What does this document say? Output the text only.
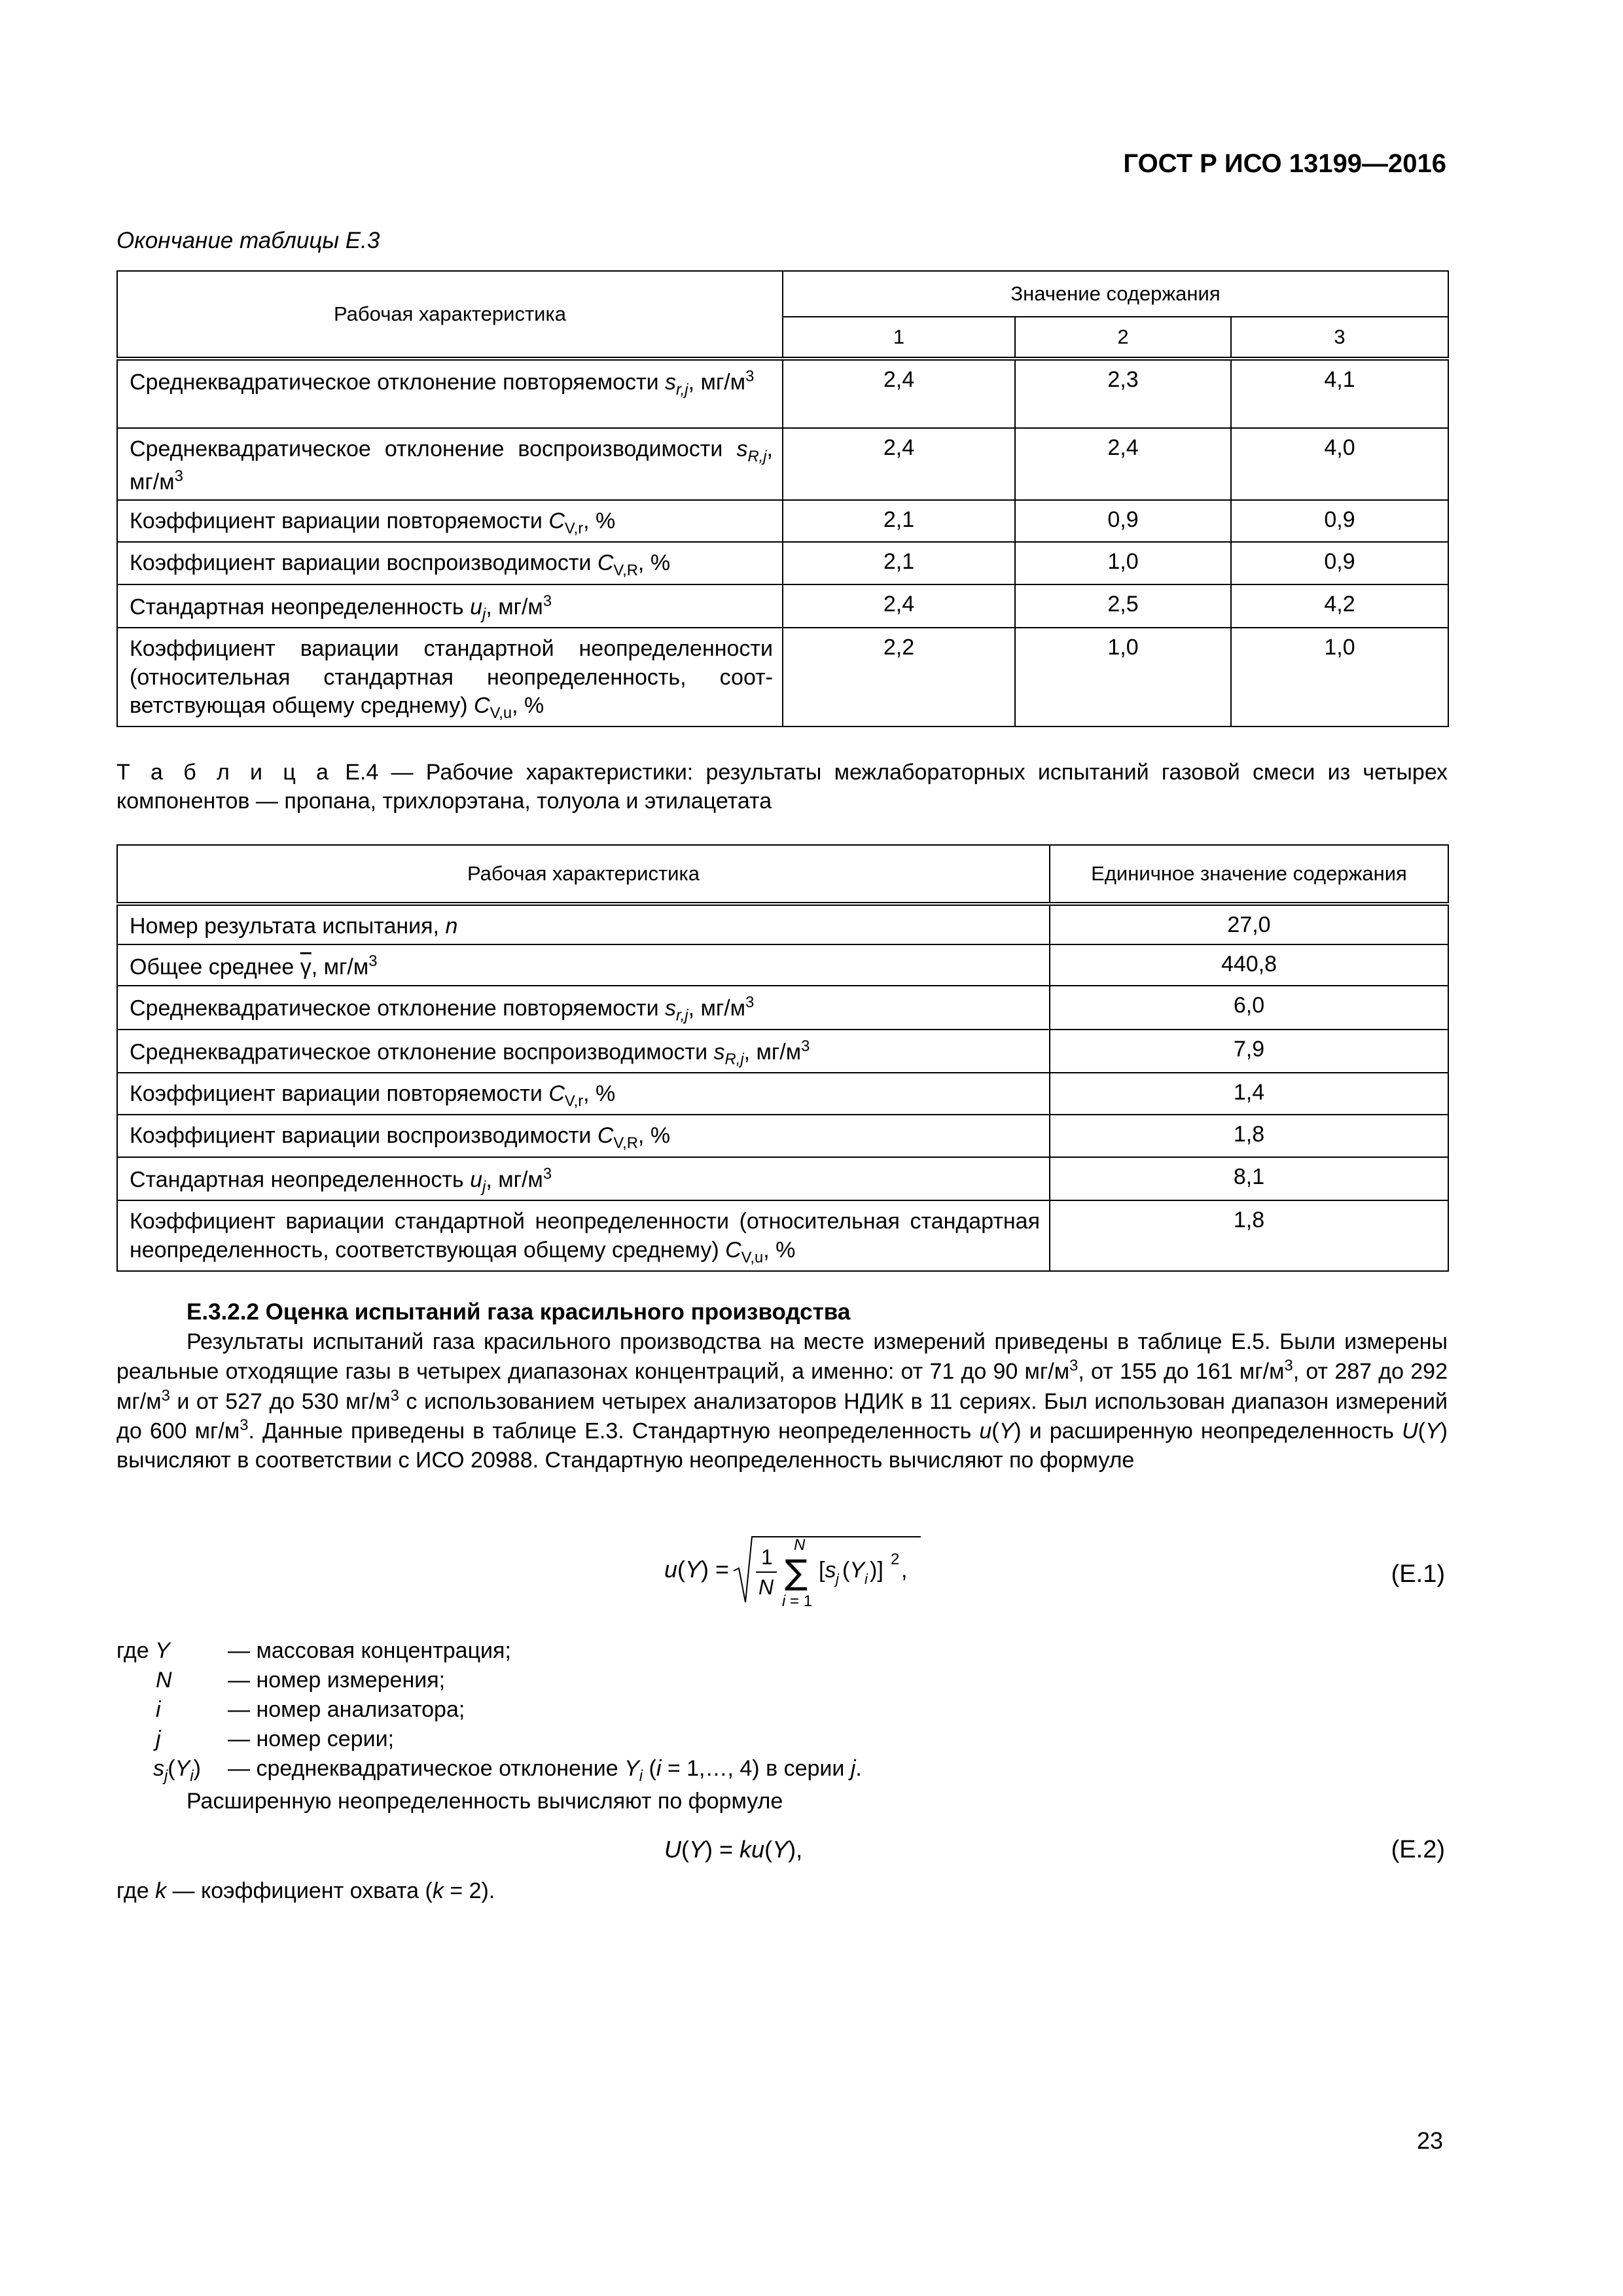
ГОСТ Р ИСО 13199—2016
Окончание таблицы Е.3
Рабочая характеристика	Значение содержания		
	1	2	3
Среднеквадратическое отклонение повторяемости $s_{r,j}$, $мг/м^3$	2,4	2,3	4,1
Среднеквадратическое отклонение воспроизводимости $s_{R,j}$, $мг/м^3$	2,4	2,4	4,0
Коэффициент вариации повторяемости $C_{V,r}$, %	2,1	0,9	0,9
Коэффициент вариации воспроизводимости $C_{V,R}$, %	2,1	1,0	0,9
Стандартная неопределенность $u_j$, $мг/м^3$	2,4	2,5	4,2
Коэффициент вариации стандартной неопределенности (относительная стандартная неопределенность, соответствующая общему среднему) $C_{V,u}$, %	2,2	1,0	1,0
Т а б л и ц а Е.4 — Рабочие характеристики: результаты межлабораторных испытаний газовой смеси из четырех компонентов — пропана, трихлорэтана, толуола и этилацетата
Рабочая характеристика	Единичное значение содержания
Номер результата испытания, n	27,0
Общее среднее $\overline{\gamma}$, $мг/м^3$	440,8
Среднеквадратическое отклонение повторяемости $s_{r,j}$, $мг/м^3$	6,0
Среднеквадратическое отклонение воспроизводимости $s_{R,j}$, $мг/м^3$	7,9
Коэффициент вариации повторяемости $C_{V,r}$, %	1,4
Коэффициент вариации воспроизводимости $C_{V,R}$, %	1,8
Стандартная неопределенность $u_j$, $мг/м^3$	8,1
Коэффициент вариации стандартной неопределенности (относительная стандартная неопределенность, соответствующая общему среднему) $C_{V,u}$, %	1,8
Е.3.2.2 Оценка испытаний газа красильного производства
Результаты испытаний газа красильного производства на месте измерений приведены в таблице Е.5. Были измерены реальные отходящие газы в четырех диапазонах концентраций, а именно: от 71 до 90 $мг/м^3$, от 155 до 161 $мг/м^3$, от 287 до 292 $мг/м^3$ и от 527 до 530 $мг/м^3$ с использованием четырех анализаторов НДИК в 11 сериях. Был использован диапазон измерений до 600 $мг/м^3$. Данные приведены в таблице Е.3. Стандартную неопределенность u(Y) и расширенную неопределенность U(Y) вычисляют в соответствии с ИСО 20988. Стандартную неопределенность вычисляют по формуле
u ( Y ) = 1
N
N
∑
i = 1
[s j (Y i )] 2 ,	(Е.1)
где Y	— массовая концентрация;
N	— номер измерения;
i	— номер анализатора;
j	— номер серии;
$s_j(Y_i)$	— среднеквадратическое отклонение $Y_i$ (i = 1,…, 4) в серии j.
Расширенную неопределенность вычисляют по формуле
U(Y) = ku(Y),	(Е.2)
где k — коэффициент охвата (k = 2).
23
